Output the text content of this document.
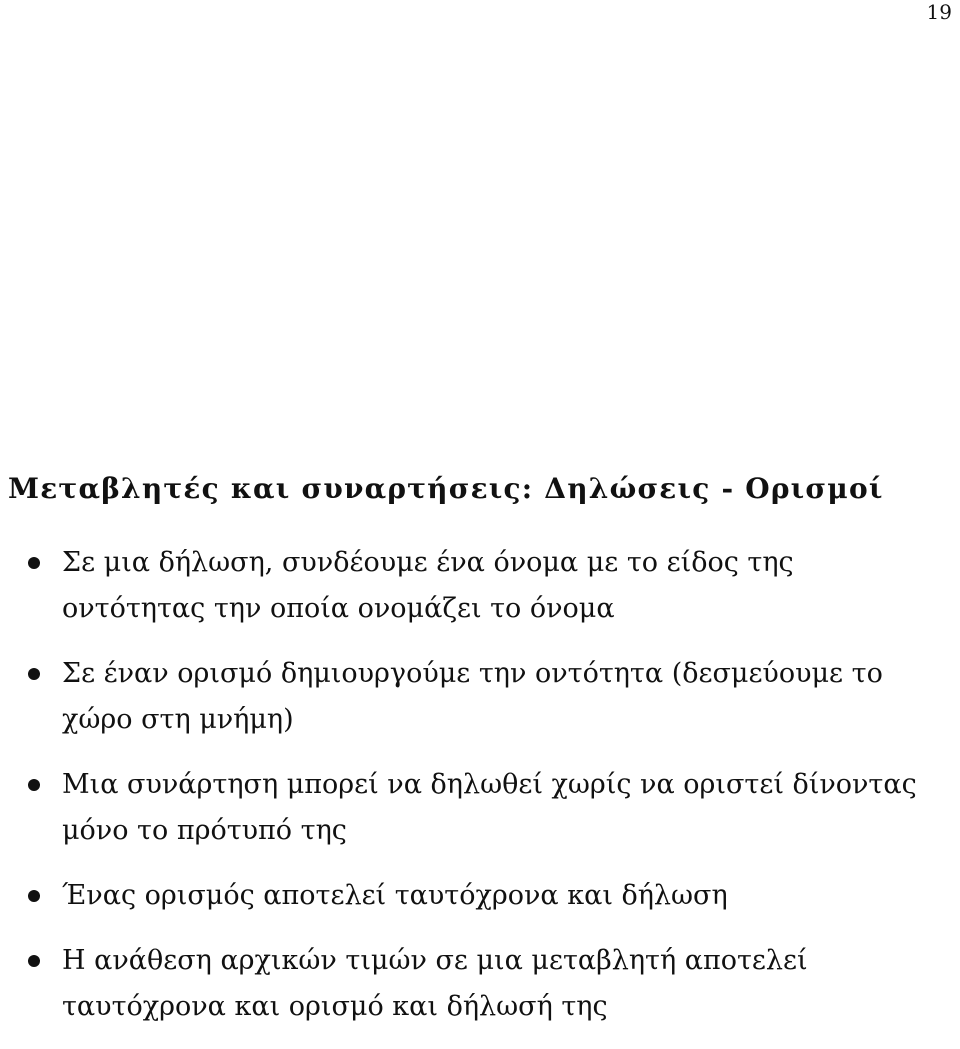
19
Μεταβλητές και συναρτήσεις: Δηλώσεις - Ορισμοί
Σε μια δήλωση, συνδέουμε ένα όνομα με το είδος της
οντότητας την οποία ονομάζει το όνομα
Σε έναν ορισμό δημιουργούμε την οντότητα (δεσμεύουμε το
χώρο στη μνήμη)
Μια συνάρτηση μπορεί να δηλωθεί χωρίς να οριστεί δίνοντας
μόνο το πρότυπό της
Ένας ορισμός αποτελεί ταυτόχρονα και δήλωση
Η ανάθεση αρχικών τιμών σε μια μεταβλητή αποτελεί
ταυτόχρονα και ορισμό και δήλωσή της
